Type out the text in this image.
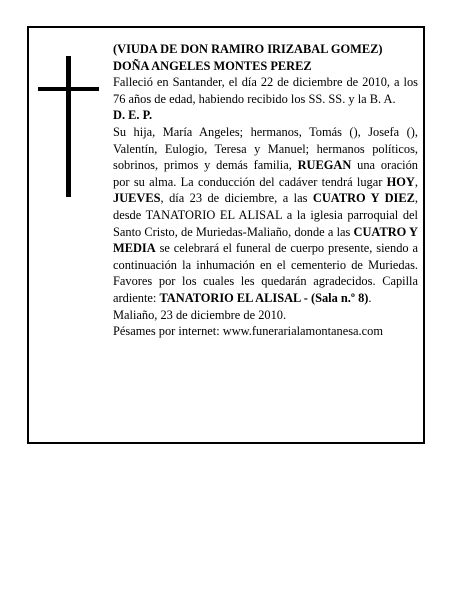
(VIUDA DE DON RAMIRO IRIZABAL GOMEZ)

DOÑA ANGELES MONTES PEREZ

Falleció en Santander, el día 22 de diciembre de 2010, a los 76 años de edad, habiendo recibido los SS. SS. y la B. A.

D. E. P.

Su hija, María Angeles; hermanos, Tomás (), Josefa (), Valentín, Eulogio, Teresa y Manuel; hermanos políticos, sobrinos, primos y demás familia, RUEGAN una oración por su alma. La conducción del cadáver tendrá lugar HOY, JUEVES, día 23 de diciembre, a las CUATRO Y DIEZ, desde TANATORIO EL ALISAL a la iglesia parroquial del Santo Cristo, de Muriedas-Maliaño, donde a las CUATRO Y MEDIA se celebrará el funeral de cuerpo presente, siendo a continuación la inhumación en el cementerio de Muriedas. Favores por los cuales les quedarán agradecidos. Capilla ardiente: TANATORIO EL ALISAL - (Sala n.º 8).

Maliaño, 23 de diciembre de 2010.

Pésames por internet: www.funerarialamontanesa.com
